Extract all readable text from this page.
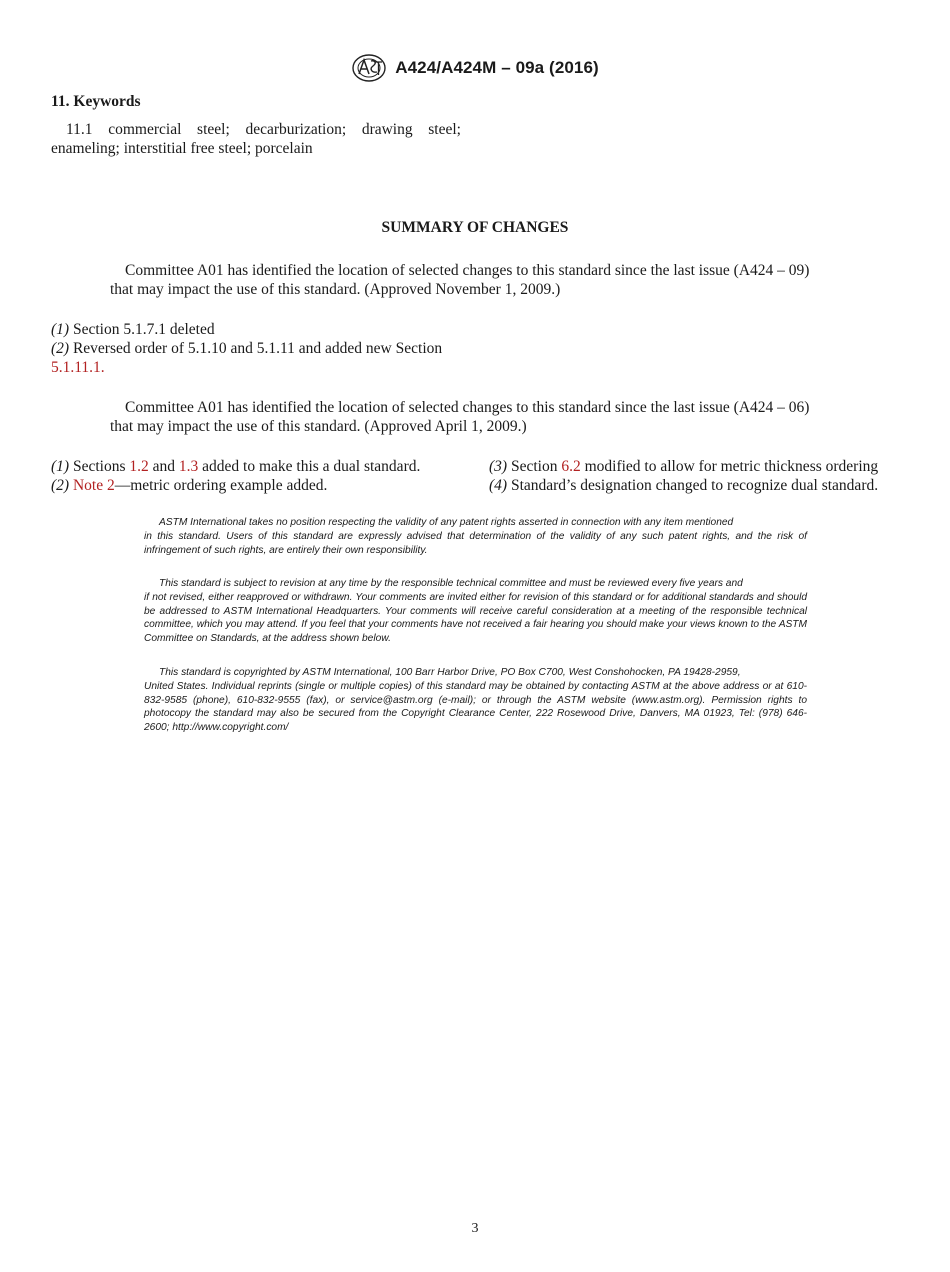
A424/A424M – 09a (2016)
11. Keywords
11.1 commercial steel; decarburization; drawing steel;
enameling; interstitial free steel; porcelain
SUMMARY OF CHANGES
Committee A01 has identified the location of selected changes to this standard since the last issue (A424 – 09)
that may impact the use of this standard. (Approved November 1, 2009.)
(1) Section 5.1.7.1 deleted
(2) Reversed order of 5.1.10 and 5.1.11 and added new Section
5.1.11.1.
Committee A01 has identified the location of selected changes to this standard since the last issue (A424 – 06)
that may impact the use of this standard. (Approved April 1, 2009.)
(1) Sections 1.2 and 1.3 added to make this a dual standard.
(2) Note 2—metric ordering example added.
(3) Section 6.2 modified to allow for metric thickness ordering
(4) Standard’s designation changed to recognize dual standard.
ASTM International takes no position respecting the validity of any patent rights asserted in connection with any item mentioned
in this standard. Users of this standard are expressly advised that determination of the validity of any such patent rights, and the risk of infringement of such rights, are entirely their own responsibility.
This standard is subject to revision at any time by the responsible technical committee and must be reviewed every five years and
if not revised, either reapproved or withdrawn. Your comments are invited either for revision of this standard or for additional standards and should be addressed to ASTM International Headquarters. Your comments will receive careful consideration at a meeting of the responsible technical committee, which you may attend. If you feel that your comments have not received a fair hearing you should make your views known to the ASTM Committee on Standards, at the address shown below.
This standard is copyrighted by ASTM International, 100 Barr Harbor Drive, PO Box C700, West Conshohocken, PA 19428-2959,
United States. Individual reprints (single or multiple copies) of this standard may be obtained by contacting ASTM at the above address or at 610-832-9585 (phone), 610-832-9555 (fax), or service@astm.org (e-mail); or through the ASTM website (www.astm.org). Permission rights to photocopy the standard may also be secured from the Copyright Clearance Center, 222 Rosewood Drive, Danvers, MA 01923, Tel: (978) 646-2600; http://www.copyright.com/
3
